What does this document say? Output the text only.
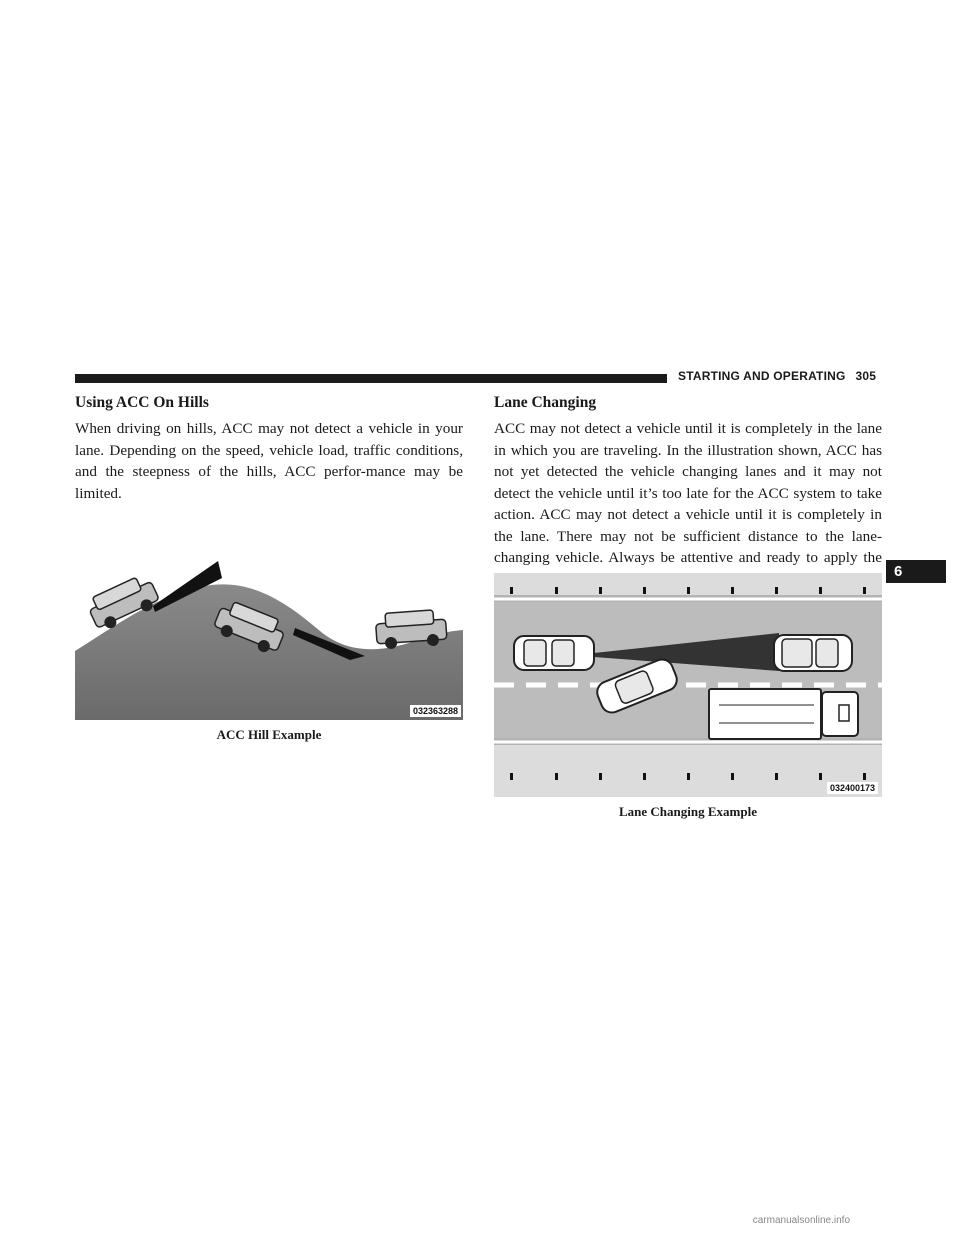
STARTING AND OPERATING 305
Using ACC On Hills

When driving on hills, ACC may not detect a vehicle in your lane. Depending on the speed, vehicle load, traffic conditions, and the steepness of the hills, ACC perfor-mance may be limited.

032363288
ACC Hill Example
Lane Changing

ACC may not detect a vehicle until it is completely in the lane in which you are traveling. In the illustration shown, ACC has not yet detected the vehicle changing lanes and it may not detect the vehicle until it’s too late for the ACC system to take action. ACC may not detect a vehicle until it is completely in the lane. There may not be sufficient distance to the lane-changing vehicle. Always be attentive and ready to apply the

032400173
Lane Changing Example
6
carmanualsonline.info
